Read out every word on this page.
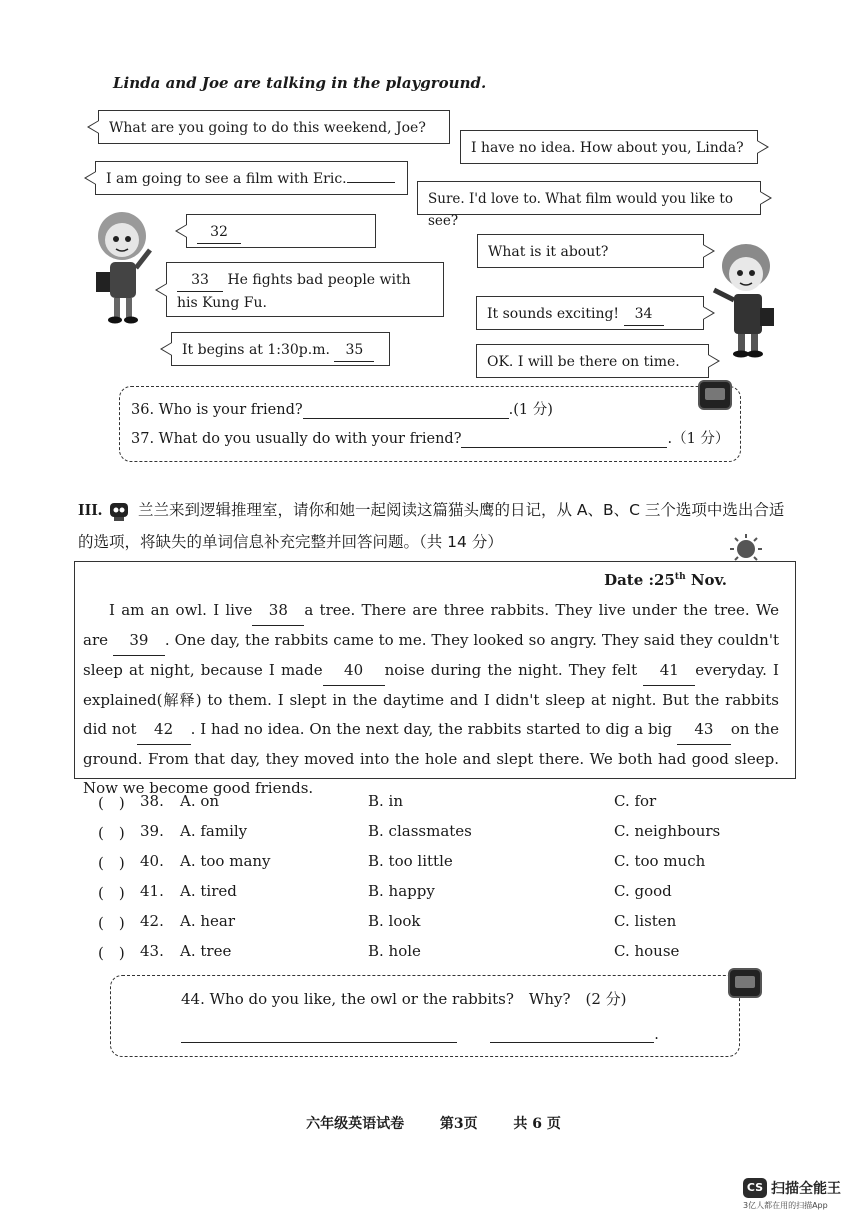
Linda and Joe are talking in the playground.
What are you going to do this weekend, Joe?
I have no idea. How about you, Linda?
I am going to see a film with Eric.
Sure. I'd love to. What film would you like to see?
32
What is it about?
33 He fights bad people with his Kung Fu.
It sounds exciting! 34
It begins at 1:30p.m. 35
OK. I will be there on time.
36. Who is your friend?	.(1 分)
37. What do you usually do with your friend?	.（1 分）
III. 兰兰来到逻辑推理室，请你和她一起阅读这篇猫头鹰的日记，从 A、B、C 三个选项中选出合适的选项，将缺失的单词信息补充完整并回答问题。（共 14 分）
Date :25th Nov.
I am an owl. I live 38 a tree. There are three rabbits. They live under the tree. We are 39 . One day, the rabbits came to me. They looked so angry. They said they couldn't sleep at night, because I made 40 noise during the night. They felt 41 everyday. I explained(解释) to them. I slept in the daytime and I didn't sleep at night. But the rabbits did not 42 . I had no idea. On the next day, the rabbits started to dig a big 43 on the ground. From that day, they moved into the hole and slept there. We both had good sleep. Now we become good friends.
(　) 38. A. on	B. in	C. for
(　) 39. A. family	B. classmates	C. neighbours
(　) 40. A. too many	B. too little	C. too much
(　) 41. A. tired	B. happy	C. good
(　) 42. A. hear	B. look	C. listen
(　) 43. A. tree	B. hole	C. house
44. Who do you like, the owl or the rabbits?　Why?　(2 分)
.
六年级英语试卷	第3页	共 6 页
CS 扫描全能王
3亿人都在用的扫描App
